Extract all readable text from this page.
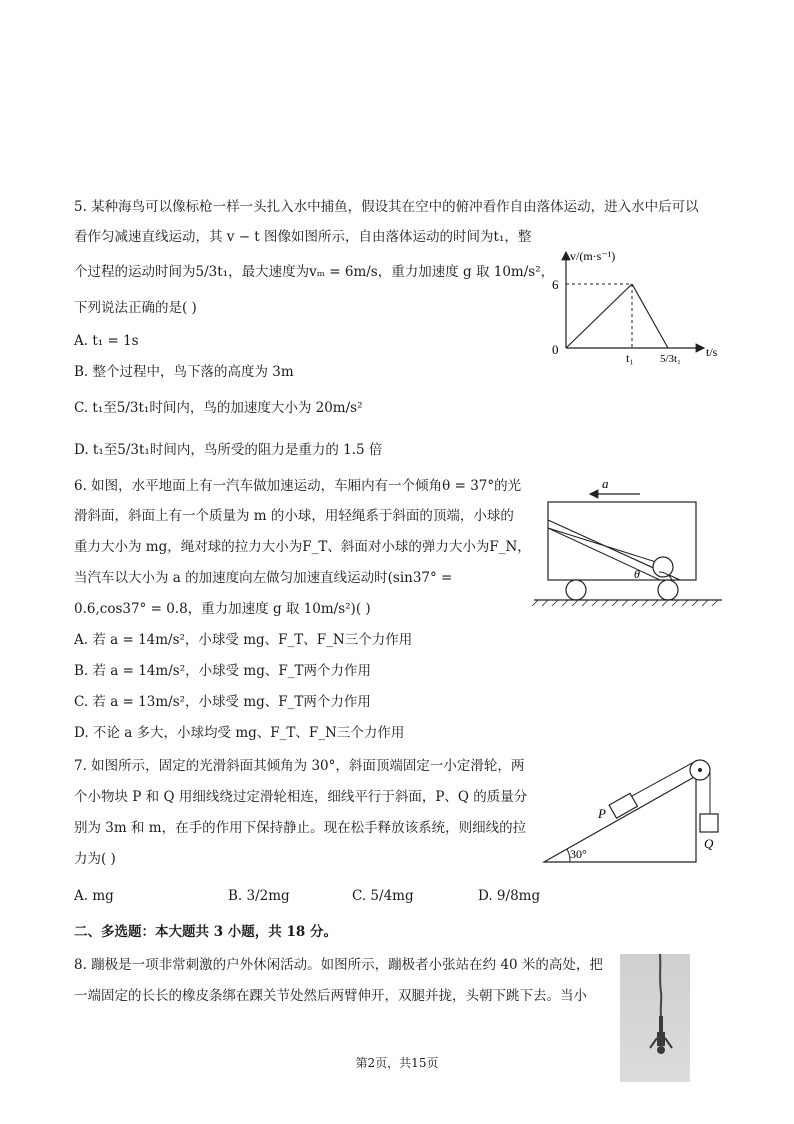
5. 某种海鸟可以像标枪一样一头扎入水中捕鱼，假设其在空中的俯冲看作自由落体运动，进入水中后可以
看作匀减速直线运动，其 v − t 图像如图所示，自由落体运动的时间为t₁，整
个过程的运动时间为5/3t₁，最大速度为vₘ = 6m/s，重力加速度 g 取 10m/s²，
下列说法正确的是( )
A. t₁ = 1s
B. 整个过程中，鸟下落的高度为 3m
C. t₁至5/3t₁时间内，鸟的加速度大小为 20m/s²
D. t₁至5/3t₁时间内，鸟所受的阻力是重力的 1.5 倍
v/(m·s⁻¹)
6
0
t₁ 5/3t₁ t/s
6. 如图，水平地面上有一汽车做加速运动，车厢内有一个倾角θ = 37°的光
滑斜面，斜面上有一个质量为 m 的小球，用轻绳系于斜面的顶端，小球的
重力大小为 mg，绳对球的拉力大小为F_T、斜面对小球的弹力大小为F_N，
当汽车以大小为 a 的加速度向左做匀加速直线运动时(sin37° =
0.6,cos37° = 0.8，重力加速度 g 取 10m/s²)( )
A. 若 a = 14m/s²，小球受 mg、F_T、F_N三个力作用
B. 若 a = 14m/s²，小球受 mg、F_T两个力作用
C. 若 a = 13m/s²，小球受 mg、F_T两个力作用
D. 不论 a 多大，小球均受 mg、F_T、F_N三个力作用
a
θ
7. 如图所示，固定的光滑斜面其倾角为 30°，斜面顶端固定一小定滑轮，两
个小物块 P 和 Q 用细线绕过定滑轮相连，细线平行于斜面，P、Q 的质量分
别为 3m 和 m，在手的作用下保持静止。现在松手释放该系统，则细线的拉
力为( )
A. mg	B. 3/2mg	C. 5/4mg	D. 9/8mg
30°
P
Q
二、多选题：本大题共 3 小题，共 18 分。
8. 蹦极是一项非常刺激的户外休闲活动。如图所示，蹦极者小张站在约 40 米的高处，把
一端固定的长长的橡皮条绑在踝关节处然后两臂伸开，双腿并拢，头朝下跳下去。当小
第2页，共15页
